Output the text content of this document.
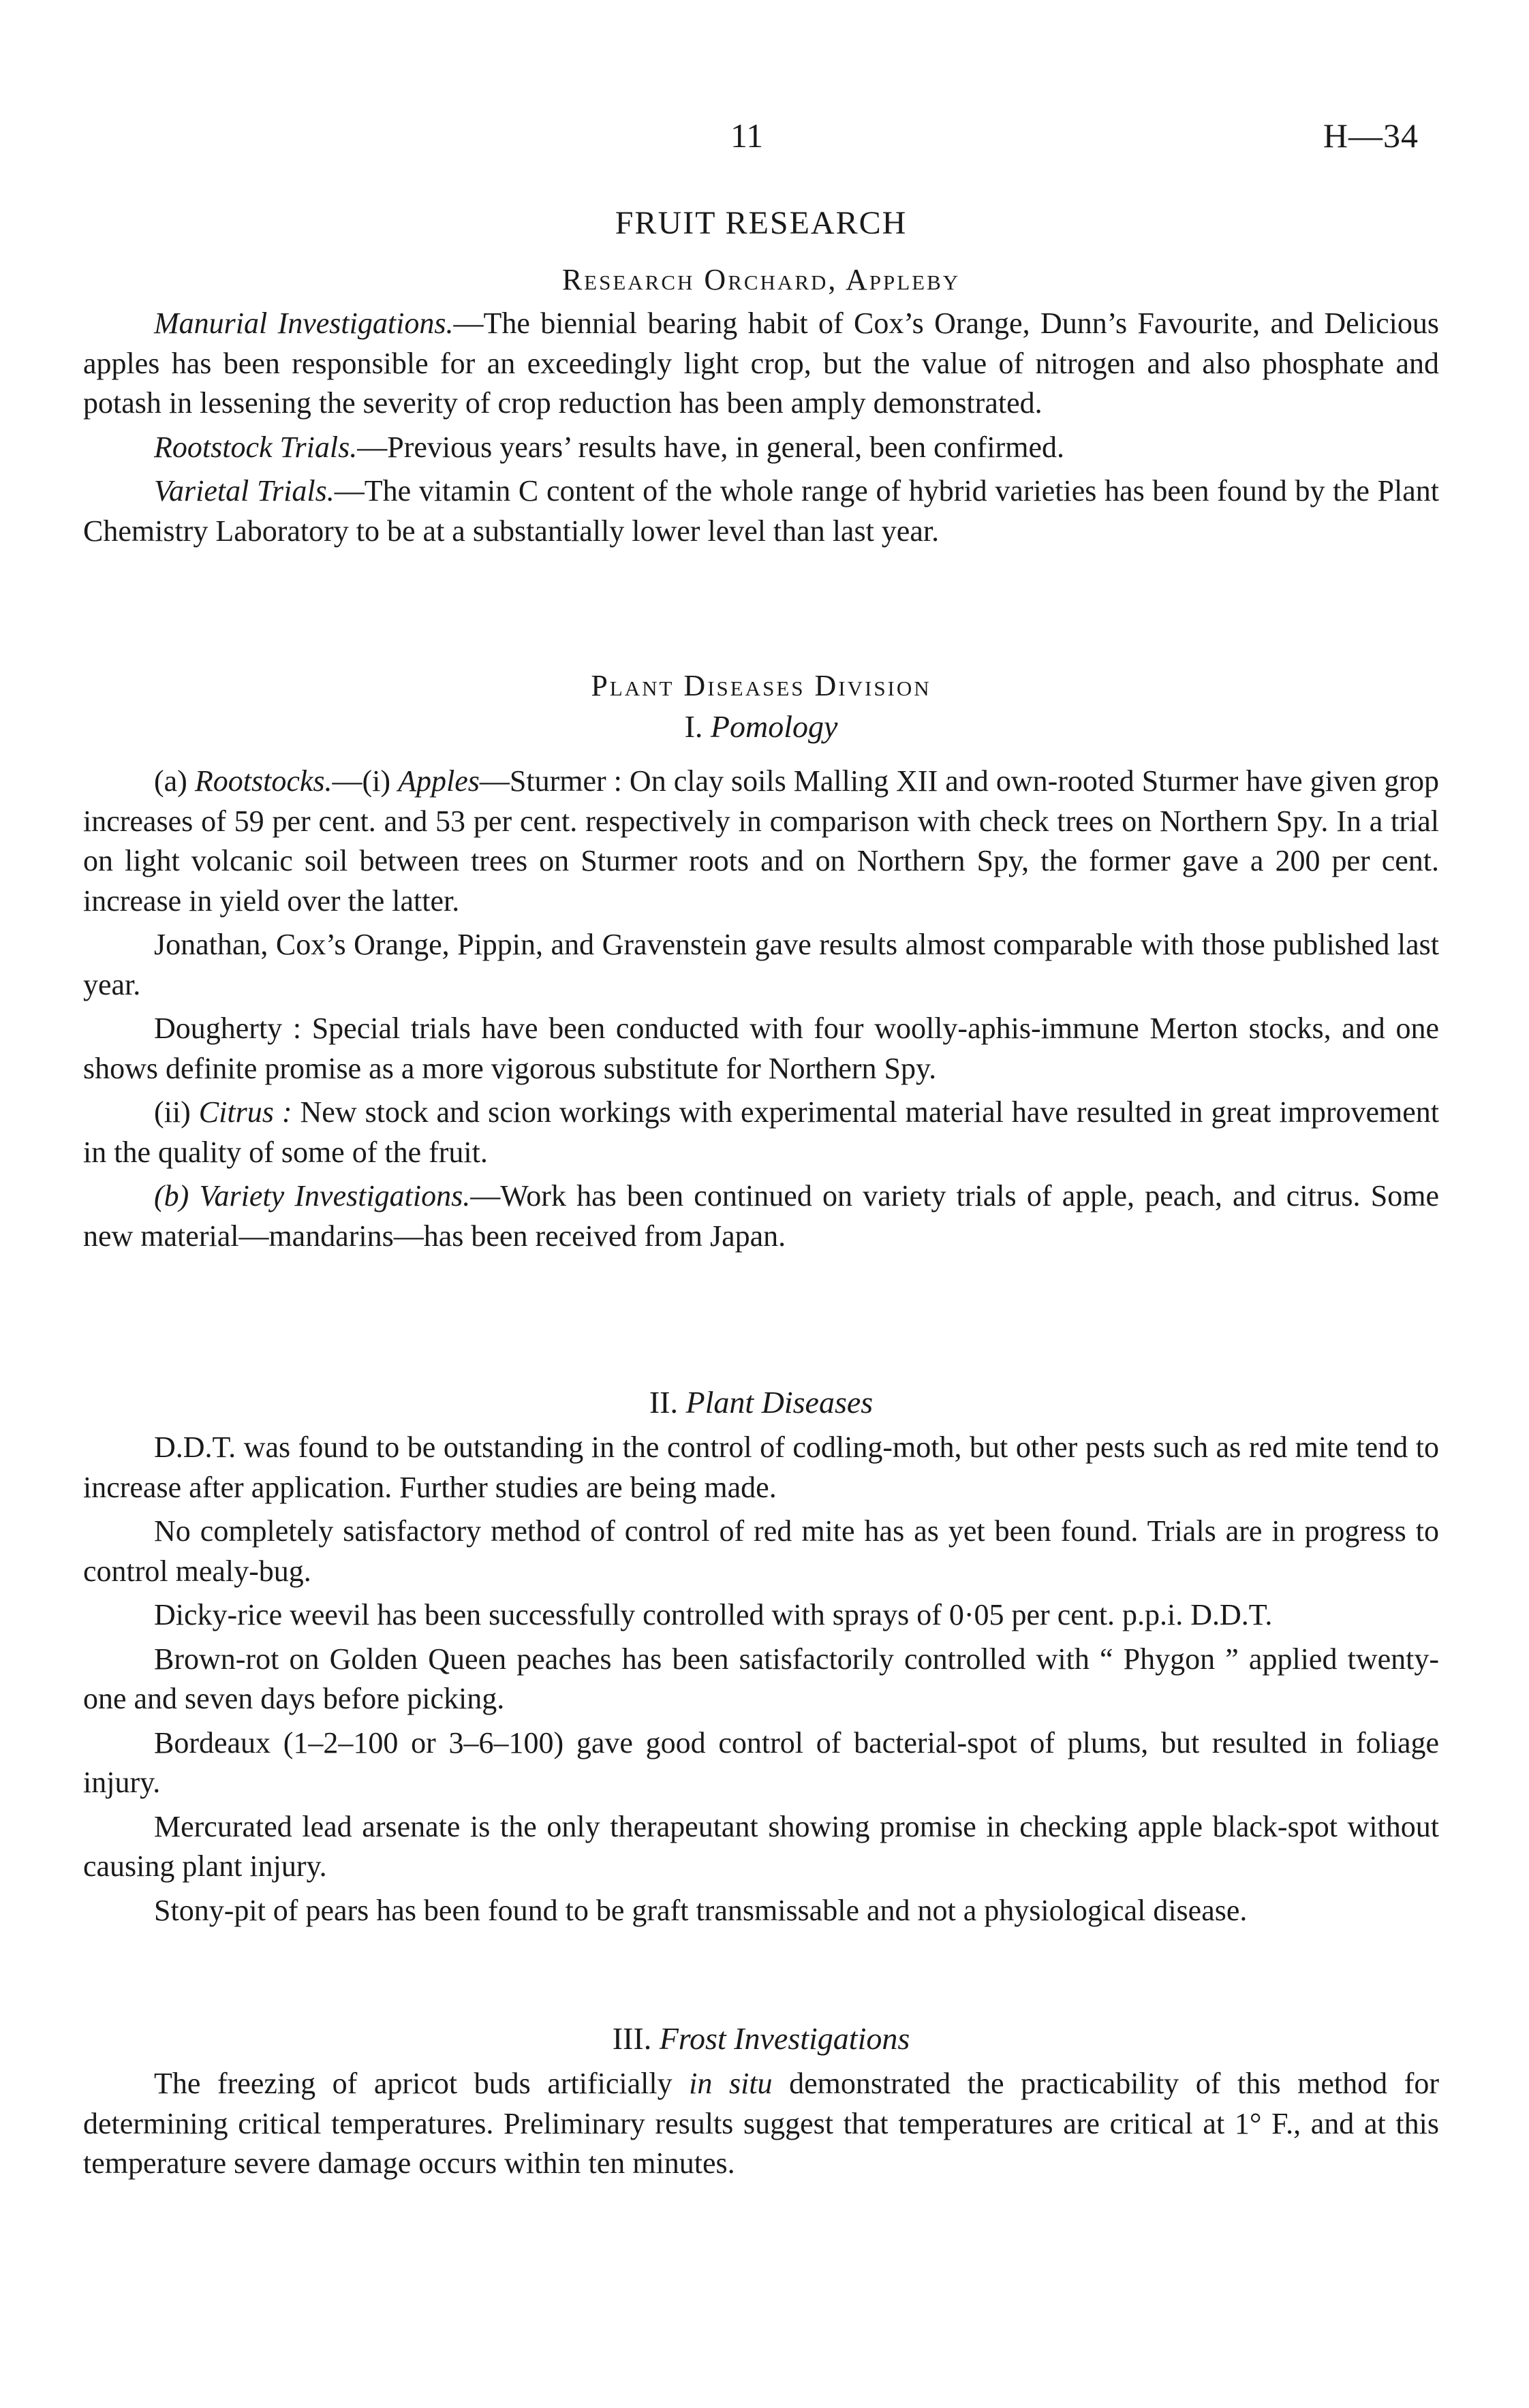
11	H—34
FRUIT RESEARCH
Research Orchard, Appleby

Manurial Investigations.—The biennial bearing habit of Cox’s Orange, Dunn’s Favourite, and Delicious apples has been responsible for an exceedingly light crop, but the value of nitrogen and also phosphate and potash in lessening the severity of crop reduction has been amply demonstrated.

Rootstock Trials.—Previous years’ results have, in general, been confirmed.

Varietal Trials.—The vitamin C content of the whole range of hybrid varieties has been found by the Plant Chemistry Laboratory to be at a substantially lower level than last year.

Plant Diseases Division

I. Pomology

(a) Rootstocks.—(i) Apples—Sturmer : On clay soils Malling XII and own-rooted Sturmer have given grop increases of 59 per cent. and 53 per cent. respectively in comparison with check trees on Northern Spy. In a trial on light volcanic soil between trees on Sturmer roots and on Northern Spy, the former gave a 200 per cent. increase in yield over the latter.

Jonathan, Cox’s Orange, Pippin, and Gravenstein gave results almost comparable with those published last year.

Dougherty : Special trials have been conducted with four woolly-aphis-immune Merton stocks, and one shows definite promise as a more vigorous substitute for Northern Spy.

(ii) Citrus : New stock and scion workings with experimental material have resulted in great improvement in the quality of some of the fruit.

(b) Variety Investigations.—Work has been continued on variety trials of apple, peach, and citrus. Some new material—mandarins—has been received from Japan.

II. Plant Diseases

D.D.T. was found to be outstanding in the control of codling-moth, but other pests such as red mite tend to increase after application. Further studies are being made.

No completely satisfactory method of control of red mite has as yet been found. Trials are in progress to control mealy-bug.

Dicky-rice weevil has been successfully controlled with sprays of 0·05 per cent. p.p.i. D.D.T.

Brown-rot on Golden Queen peaches has been satisfactorily controlled with “ Phygon ” applied twenty-one and seven days before picking.

Bordeaux (1–2–100 or 3–6–100) gave good control of bacterial-spot of plums, but resulted in foliage injury.

Mercurated lead arsenate is the only therapeutant showing promise in checking apple black-spot without causing plant injury.

Stony-pit of pears has been found to be graft transmissable and not a physiological disease.

III. Frost Investigations

The freezing of apricot buds artificially in situ demonstrated the practicability of this method for determining critical temperatures. Preliminary results suggest that temperatures are critical at 1° F., and at this temperature severe damage occurs within ten minutes.
